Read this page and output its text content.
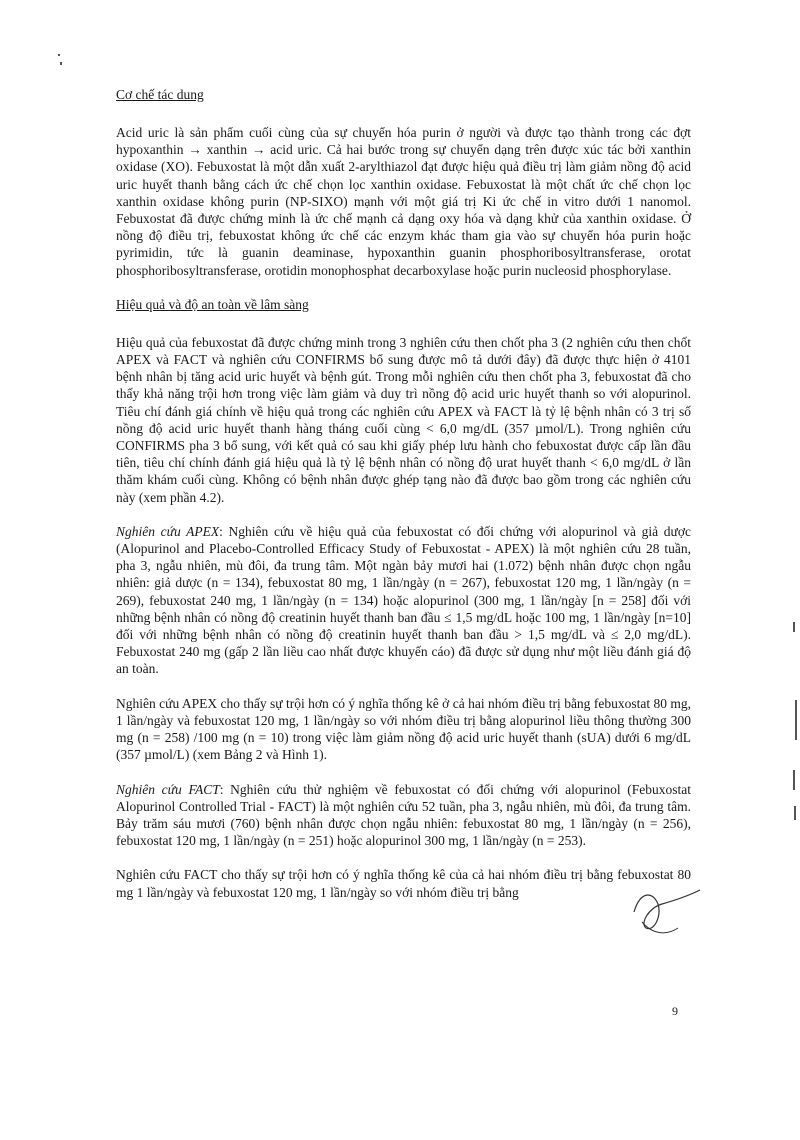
Cơ chế tác dung

Acid uric là sản phẩm cuối cùng của sự chuyển hóa purin ở người và được tạo thành trong các đợt hypoxanthin → xanthin → acid uric. Cả hai bước trong sự chuyển dạng trên được xúc tác bởi xanthin oxidase (XO). Febuxostat là một dẫn xuất 2-arylthiazol đạt được hiệu quả điều trị làm giảm nồng độ acid uric huyết thanh bằng cách ức chế chọn lọc xanthin oxidase. Febuxostat là một chất ức chế chọn lọc xanthin oxidase không purin (NP-SIXO) mạnh với một giá trị Ki ức chế in vitro dưới 1 nanomol. Febuxostat đã được chứng minh là ức chế mạnh cả dạng oxy hóa và dạng khử của xanthin oxidase. Ở nồng độ điều trị, febuxostat không ức chế các enzym khác tham gia vào sự chuyển hóa purin hoặc pyrimidin, tức là guanin deaminase, hypoxanthin guanin phosphoribosyltransferase, orotat phosphoribosyltransferase, orotidin monophosphat decarboxylase hoặc purin nucleosid phosphorylase.

Hiệu quả và độ an toàn về lâm sàng

Hiệu quả của febuxostat đã được chứng minh trong 3 nghiên cứu then chốt pha 3 (2 nghiên cứu then chốt APEX và FACT và nghiên cứu CONFIRMS bổ sung được mô tả dưới đây) đã được thực hiện ở 4101 bệnh nhân bị tăng acid uric huyết và bệnh gút. Trong mỗi nghiên cứu then chốt pha 3, febuxostat đã cho thấy khả năng trội hơn trong việc làm giảm và duy trì nồng độ acid uric huyết thanh so với alopurinol. Tiêu chí đánh giá chính về hiệu quả trong các nghiên cứu APEX và FACT là tỷ lệ bệnh nhân có 3 trị số nồng độ acid uric huyết thanh hàng tháng cuối cùng < 6,0 mg/dL (357 µmol/L). Trong nghiên cứu CONFIRMS pha 3 bổ sung, với kết quả có sau khi giấy phép lưu hành cho febuxostat được cấp lần đầu tiên, tiêu chí chính đánh giá hiệu quả là tỷ lệ bệnh nhân có nồng độ urat huyết thanh < 6,0 mg/dL ở lần thăm khám cuối cùng. Không có bệnh nhân được ghép tạng nào đã được bao gồm trong các nghiên cứu này (xem phần 4.2).

Nghiên cứu APEX: Nghiên cứu về hiệu quả của febuxostat có đối chứng với alopurinol và giả dược (Alopurinol and Placebo-Controlled Efficacy Study of Febuxostat - APEX) là một nghiên cứu 28 tuần, pha 3, ngẫu nhiên, mù đôi, đa trung tâm. Một ngàn bảy mươi hai (1.072) bệnh nhân được chọn ngẫu nhiên: giả dược (n = 134), febuxostat 80 mg, 1 lần/ngày (n = 267), febuxostat 120 mg, 1 lần/ngày (n = 269), febuxostat 240 mg, 1 lần/ngày (n = 134) hoặc alopurinol (300 mg, 1 lần/ngày [n = 258] đối với những bệnh nhân có nồng độ creatinin huyết thanh ban đầu ≤ 1,5 mg/dL hoặc 100 mg, 1 lần/ngày [n=10] đối với những bệnh nhân có nồng độ creatinin huyết thanh ban đầu > 1,5 mg/dL và ≤ 2,0 mg/dL). Febuxostat 240 mg (gấp 2 lần liều cao nhất được khuyến cáo) đã được sử dụng như một liều đánh giá độ an toàn.

Nghiên cứu APEX cho thấy sự trội hơn có ý nghĩa thống kê ở cả hai nhóm điều trị bằng febuxostat 80 mg, 1 lần/ngày và febuxostat 120 mg, 1 lần/ngày so với nhóm điều trị bằng alopurinol liều thông thường 300 mg (n = 258) /100 mg (n = 10) trong việc làm giảm nồng độ acid uric huyết thanh (sUA) dưới 6 mg/dL (357 µmol/L) (xem Bảng 2 và Hình 1).

Nghiên cứu FACT: Nghiên cứu thử nghiệm về febuxostat có đối chứng với alopurinol (Febuxostat Alopurinol Controlled Trial - FACT) là một nghiên cứu 52 tuần, pha 3, ngẫu nhiên, mù đôi, đa trung tâm. Bảy trăm sáu mươi (760) bệnh nhân được chọn ngẫu nhiên: febuxostat 80 mg, 1 lần/ngày (n = 256), febuxostat 120 mg, 1 lần/ngày (n = 251) hoặc alopurinol 300 mg, 1 lần/ngày (n = 253).

Nghiên cứu FACT cho thấy sự trội hơn có ý nghĩa thống kê của cả hai nhóm điều trị bằng febuxostat 80 mg 1 lần/ngày và febuxostat 120 mg, 1 lần/ngày so với nhóm điều trị bằng

9
